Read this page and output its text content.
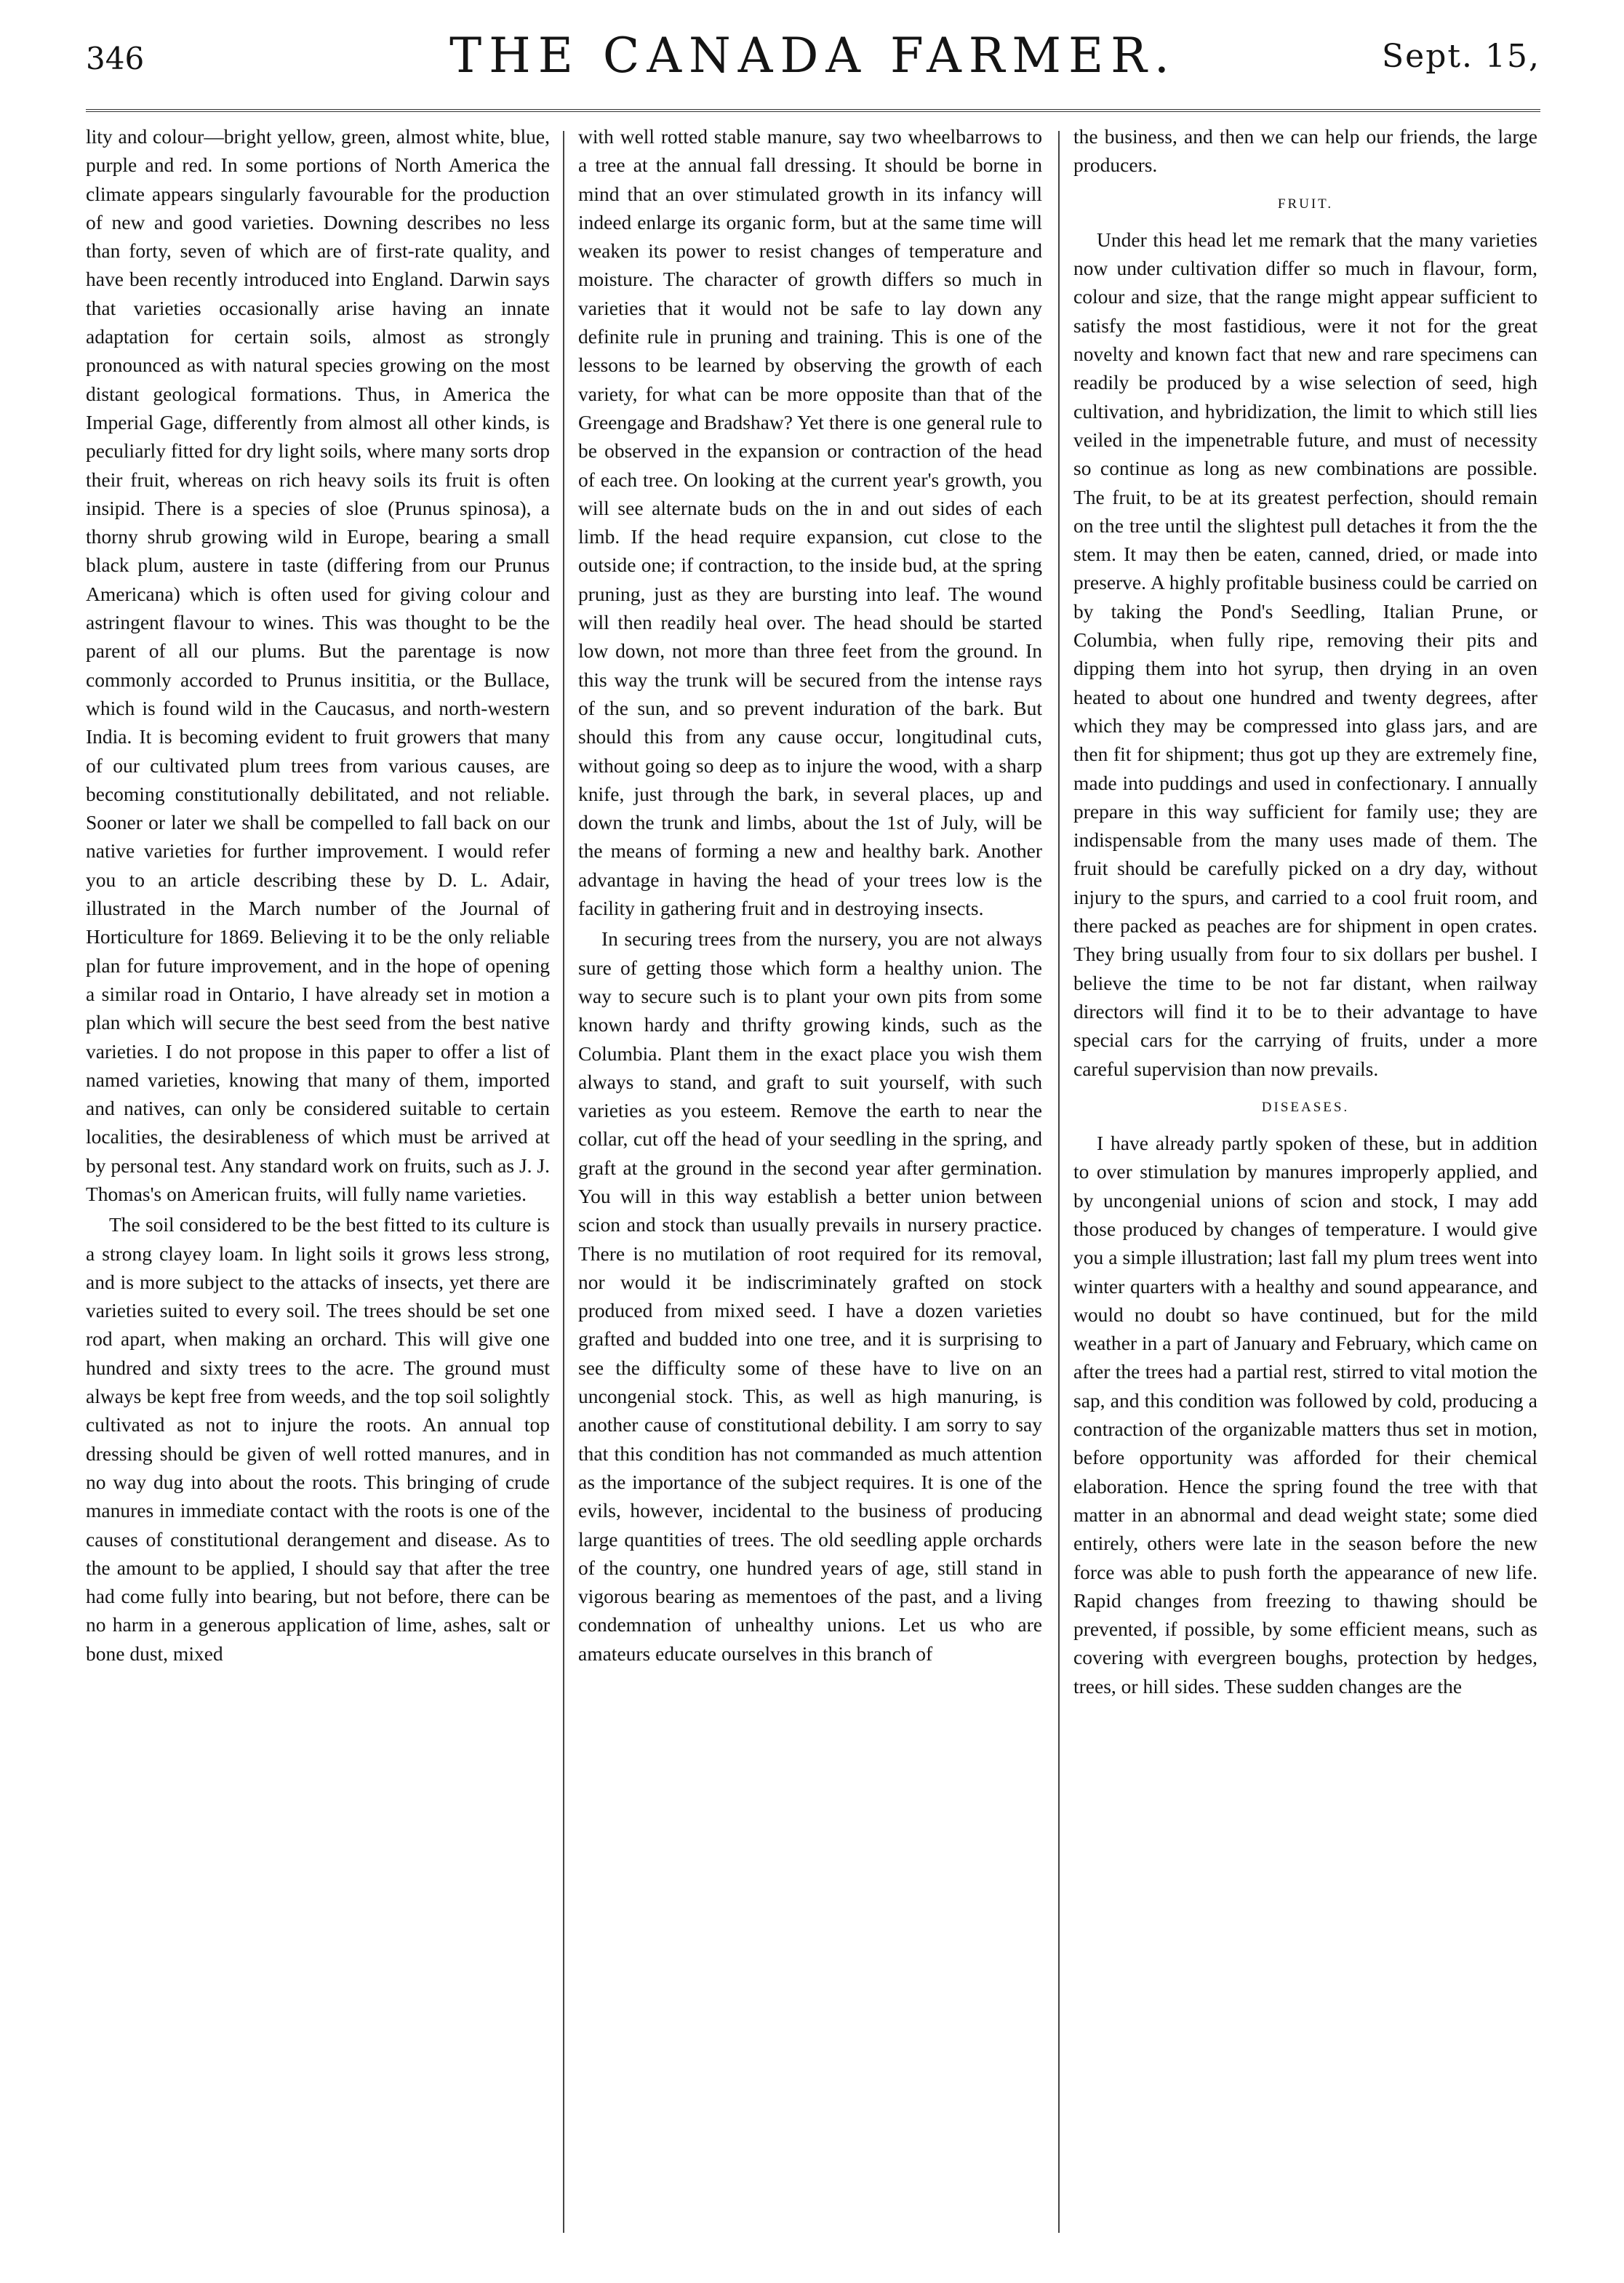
346	THE CANADA FARMER.	Sept. 15,

lity and colour—bright yellow, green, almost white, blue, purple and red. In some portions of North America the climate appears singularly favourable for the production of new and good varieties. Downing describes no less than forty, seven of which are of first-rate quality, and have been recently introduced into England. Darwin says that varieties occasionally arise having an innate adaptation for certain soils, almost as strongly pronounced as with natural species growing on the most distant geological formations. Thus, in America the Imperial Gage, differently from almost all other kinds, is peculiarly fitted for dry light soils, where many sorts drop their fruit, whereas on rich heavy soils its fruit is often insipid. There is a species of sloe (Prunus spinosa), a thorny shrub growing wild in Europe, bearing a small black plum, austere in taste (differing from our Prunus Americana) which is often used for giving colour and astringent flavour to wines. This was thought to be the parent of all our plums. But the parentage is now commonly accorded to Prunus insititia, or the Bullace, which is found wild in the Caucasus, and north-western India. It is becoming evident to fruit growers that many of our cultivated plum trees from various causes, are becoming constitutionally debilitated, and not reliable. Sooner or later we shall be compelled to fall back on our native varieties for further improvement. I would refer you to an article describing these by D. L. Adair, illustrated in the March number of the Journal of Horticulture for 1869. Believing it to be the only reliable plan for future improvement, and in the hope of opening a similar road in Ontario, I have already set in motion a plan which will secure the best seed from the best native varieties. I do not propose in this paper to offer a list of named varieties, knowing that many of them, imported and natives, can only be considered suitable to certain localities, the desirableness of which must be arrived at by personal test. Any standard work on fruits, such as J. J. Thomas's on American fruits, will fully name varieties.

The soil considered to be the best fitted to its culture is a strong clayey loam. In light soils it grows less strong, and is more subject to the attacks of insects, yet there are varieties suited to every soil. The trees should be set one rod apart, when making an orchard. This will give one hundred and sixty trees to the acre. The ground must always be kept free from weeds, and the top soil solightly cultivated as not to injure the roots. An annual top dressing should be given of well rotted manures, and in no way dug into about the roots. This bringing of crude manures in immediate contact with the roots is one of the causes of constitutional derangement and disease. As to the amount to be applied, I should say that after the tree had come fully into bearing, but not before, there can be no harm in a generous application of lime, ashes, salt or bone dust, mixed

with well rotted stable manure, say two wheelbarrows to a tree at the annual fall dressing. It should be borne in mind that an over stimulated growth in its infancy will indeed enlarge its organic form, but at the same time will weaken its power to resist changes of temperature and moisture. The character of growth differs so much in varieties that it would not be safe to lay down any definite rule in pruning and training. This is one of the lessons to be learned by observing the growth of each variety, for what can be more opposite than that of the Greengage and Bradshaw? Yet there is one general rule to be observed in the expansion or contraction of the head of each tree. On looking at the current year's growth, you will see alternate buds on the in and out sides of each limb. If the head require expansion, cut close to the outside one; if contraction, to the inside bud, at the spring pruning, just as they are bursting into leaf. The wound will then readily heal over. The head should be started low down, not more than three feet from the ground. In this way the trunk will be secured from the intense rays of the sun, and so prevent induration of the bark. But should this from any cause occur, longitudinal cuts, without going so deep as to injure the wood, with a sharp knife, just through the bark, in several places, up and down the trunk and limbs, about the 1st of July, will be the means of forming a new and healthy bark. Another advantage in having the head of your trees low is the facility in gathering fruit and in destroying insects.

In securing trees from the nursery, you are not always sure of getting those which form a healthy union. The way to secure such is to plant your own pits from some known hardy and thrifty growing kinds, such as the Columbia. Plant them in the exact place you wish them always to stand, and graft to suit yourself, with such varieties as you esteem. Remove the earth to near the collar, cut off the head of your seedling in the spring, and graft at the ground in the second year after germination. You will in this way establish a better union between scion and stock than usually prevails in nursery practice. There is no mutilation of root required for its removal, nor would it be indiscriminately grafted on stock produced from mixed seed. I have a dozen varieties grafted and budded into one tree, and it is surprising to see the difficulty some of these have to live on an uncongenial stock. This, as well as high manuring, is another cause of constitutional debility. I am sorry to say that this condition has not commanded as much attention as the importance of the subject requires. It is one of the evils, however, incidental to the business of producing large quantities of trees. The old seedling apple orchards of the country, one hundred years of age, still stand in vigorous bearing as mementoes of the past, and a living condemnation of unhealthy unions. Let us who are amateurs educate ourselves in this branch of

the business, and then we can help our friends, the large producers.

FRUIT.

Under this head let me remark that the many varieties now under cultivation differ so much in flavour, form, colour and size, that the range might appear sufficient to satisfy the most fastidious, were it not for the great novelty and known fact that new and rare specimens can readily be produced by a wise selection of seed, high cultivation, and hybridization, the limit to which still lies veiled in the impenetrable future, and must of necessity so continue as long as new combinations are possible. The fruit, to be at its greatest perfection, should remain on the tree until the slightest pull detaches it from the the stem. It may then be eaten, canned, dried, or made into preserve. A highly profitable business could be carried on by taking the Pond's Seedling, Italian Prune, or Columbia, when fully ripe, removing their pits and dipping them into hot syrup, then drying in an oven heated to about one hundred and twenty degrees, after which they may be compressed into glass jars, and are then fit for shipment; thus got up they are extremely fine, made into puddings and used in confectionary. I annually prepare in this way sufficient for family use; they are indispensable from the many uses made of them. The fruit should be carefully picked on a dry day, without injury to the spurs, and carried to a cool fruit room, and there packed as peaches are for shipment in open crates. They bring usually from four to six dollars per bushel. I believe the time to be not far distant, when railway directors will find it to be to their advantage to have special cars for the carrying of fruits, under a more careful supervision than now prevails.

DISEASES.

I have already partly spoken of these, but in addition to over stimulation by manures improperly applied, and by uncongenial unions of scion and stock, I may add those produced by changes of temperature. I would give you a simple illustration; last fall my plum trees went into winter quarters with a healthy and sound appearance, and would no doubt so have continued, but for the mild weather in a part of January and February, which came on after the trees had a partial rest, stirred to vital motion the sap, and this condition was followed by cold, producing a contraction of the organizable matters thus set in motion, before opportunity was afforded for their chemical elaboration. Hence the spring found the tree with that matter in an abnormal and dead weight state; some died entirely, others were late in the season before the new force was able to push forth the appearance of new life. Rapid changes from freezing to thawing should be prevented, if possible, by some efficient means, such as covering with evergreen boughs, protection by hedges, trees, or hill sides. These sudden changes are the
